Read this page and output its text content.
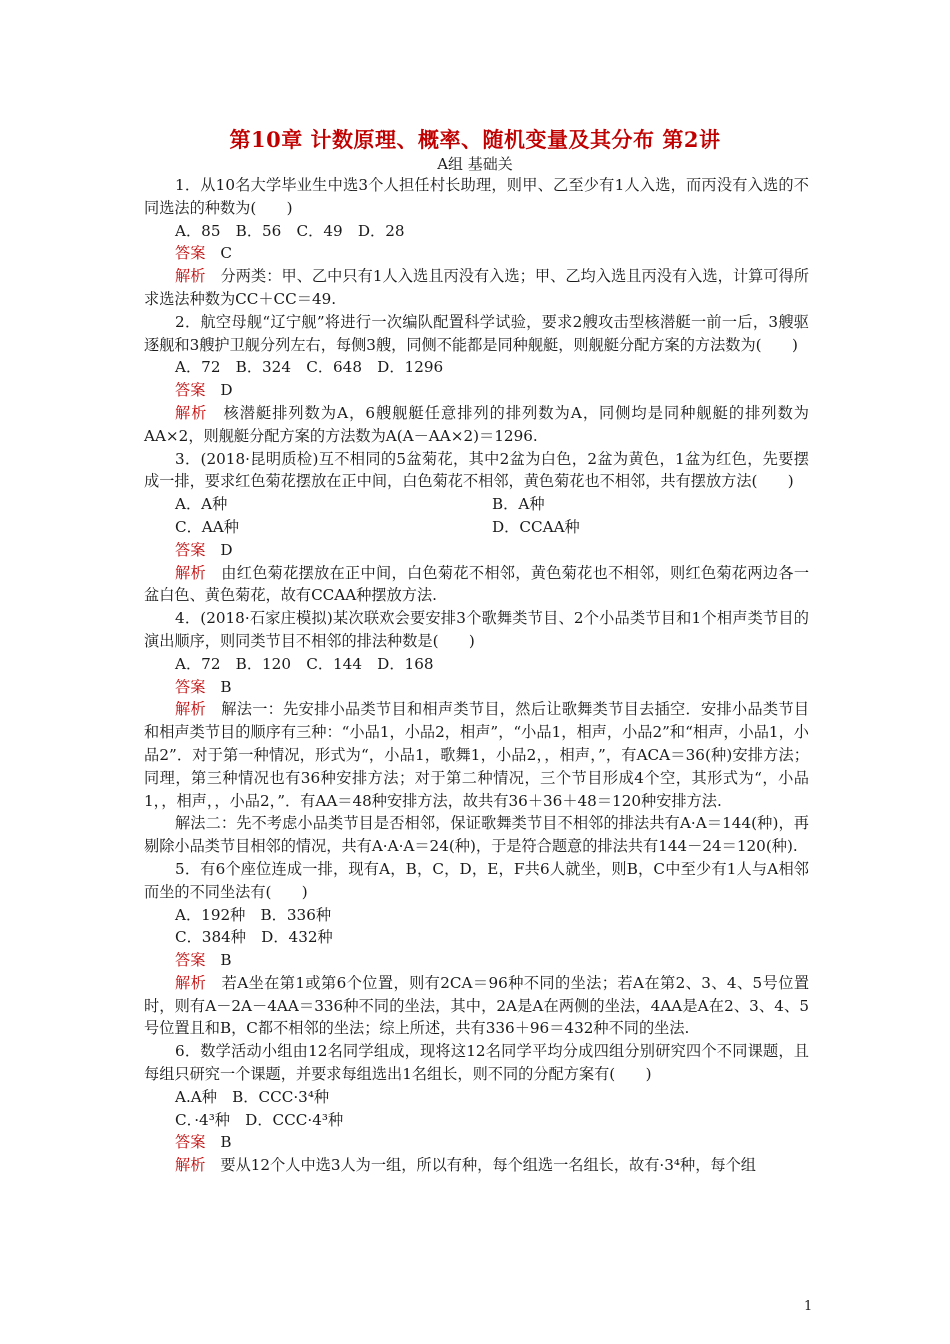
第10章 计数原理、概率、随机变量及其分布 第2讲
A组 基础关

1．从10名大学毕业生中选3个人担任村长助理，则甲、乙至少有1人入选，而丙没有入选的不同选法的种数为(　　)

A．85　B．56　C．49　D．28

答案 C

解析 分两类：甲、乙中只有1人入选且丙没有入选；甲、乙均入选且丙没有入选，计算可得所求选法种数为CC＋CC＝49.

2．航空母舰“辽宁舰”将进行一次编队配置科学试验，要求2艘攻击型核潜艇一前一后，3艘驱逐舰和3艘护卫舰分列左右，每侧3艘，同侧不能都是同种舰艇，则舰艇分配方案的方法数为(　　)

A．72　B．324　C．648　D．1296

答案 D

解析 核潜艇排列数为A，6艘舰艇任意排列的排列数为A，同侧均是同种舰艇的排列数为AA×2，则舰艇分配方案的方法数为A(A－AA×2)＝1296.

3．(2018·昆明质检)互不相同的5盆菊花，其中2盆为白色，2盆为黄色，1盆为红色，先要摆成一排，要求红色菊花摆放在正中间，白色菊花不相邻，黄色菊花也不相邻，共有摆放方法(　　)

A．A种	B．A种
C．AA种	D．CCAA种

答案 D

解析 由红色菊花摆放在正中间，白色菊花不相邻，黄色菊花也不相邻，则红色菊花两边各一盆白色、黄色菊花，故有CCAA种摆放方法.

4．(2018·石家庄模拟)某次联欢会要安排3个歌舞类节目、2个小品类节目和1个相声类节目的演出顺序，则同类节目不相邻的排法种数是(　　)

A．72　B．120　C．144　D．168

答案 B

解析 解法一：先安排小品类节目和相声类节目，然后让歌舞类节目去插空．安排小品类节目和相声类节目的顺序有三种：“小品1，小品2，相声”，“小品1，相声，小品2”和“相声，小品1，小品2”．对于第一种情况，形式为“，小品1，歌舞1，小品2，，相声，”，有ACA＝36(种)安排方法；同理，第三种情况也有36种安排方法；对于第二种情况，三个节目形成4个空，其形式为“，小品1，，相声，，小品2，”．有AA＝48种安排方法，故共有36＋36＋48＝120种安排方法.

解法二：先不考虑小品类节目是否相邻，保证歌舞类节目不相邻的排法共有A·A＝144(种)，再剔除小品类节目相邻的情况，共有A·A·A＝24(种)，于是符合题意的排法共有144－24＝120(种).

5．有6个座位连成一排，现有A，B，C，D，E，F共6人就坐，则B，C中至少有1人与A相邻而坐的不同坐法有(　　)

A．192种　B．336种

C．384种　D．432种

答案 B

解析 若A坐在第1或第6个位置，则有2CA＝96种不同的坐法；若A在第2、3、4、5号位置时，则有A－2A－4AA＝336种不同的坐法，其中，2A是A在两侧的坐法，4AA是A在2、3、4、5号位置且和B，C都不相邻的坐法；综上所述，共有336＋96＝432种不同的坐法.

6．数学活动小组由12名同学组成，现将这12名同学平均分成四组分别研究四个不同课题，且每组只研究一个课题，并要求每组选出1名组长，则不同的分配方案有(　　)

A.A种　B．CCC·3⁴种

C．·4³种　D．CCC·4³种

答案 B

解析 要从12个人中选3人为一组，所以有种，每个组选一名组长，故有·3⁴种，每个组

1
